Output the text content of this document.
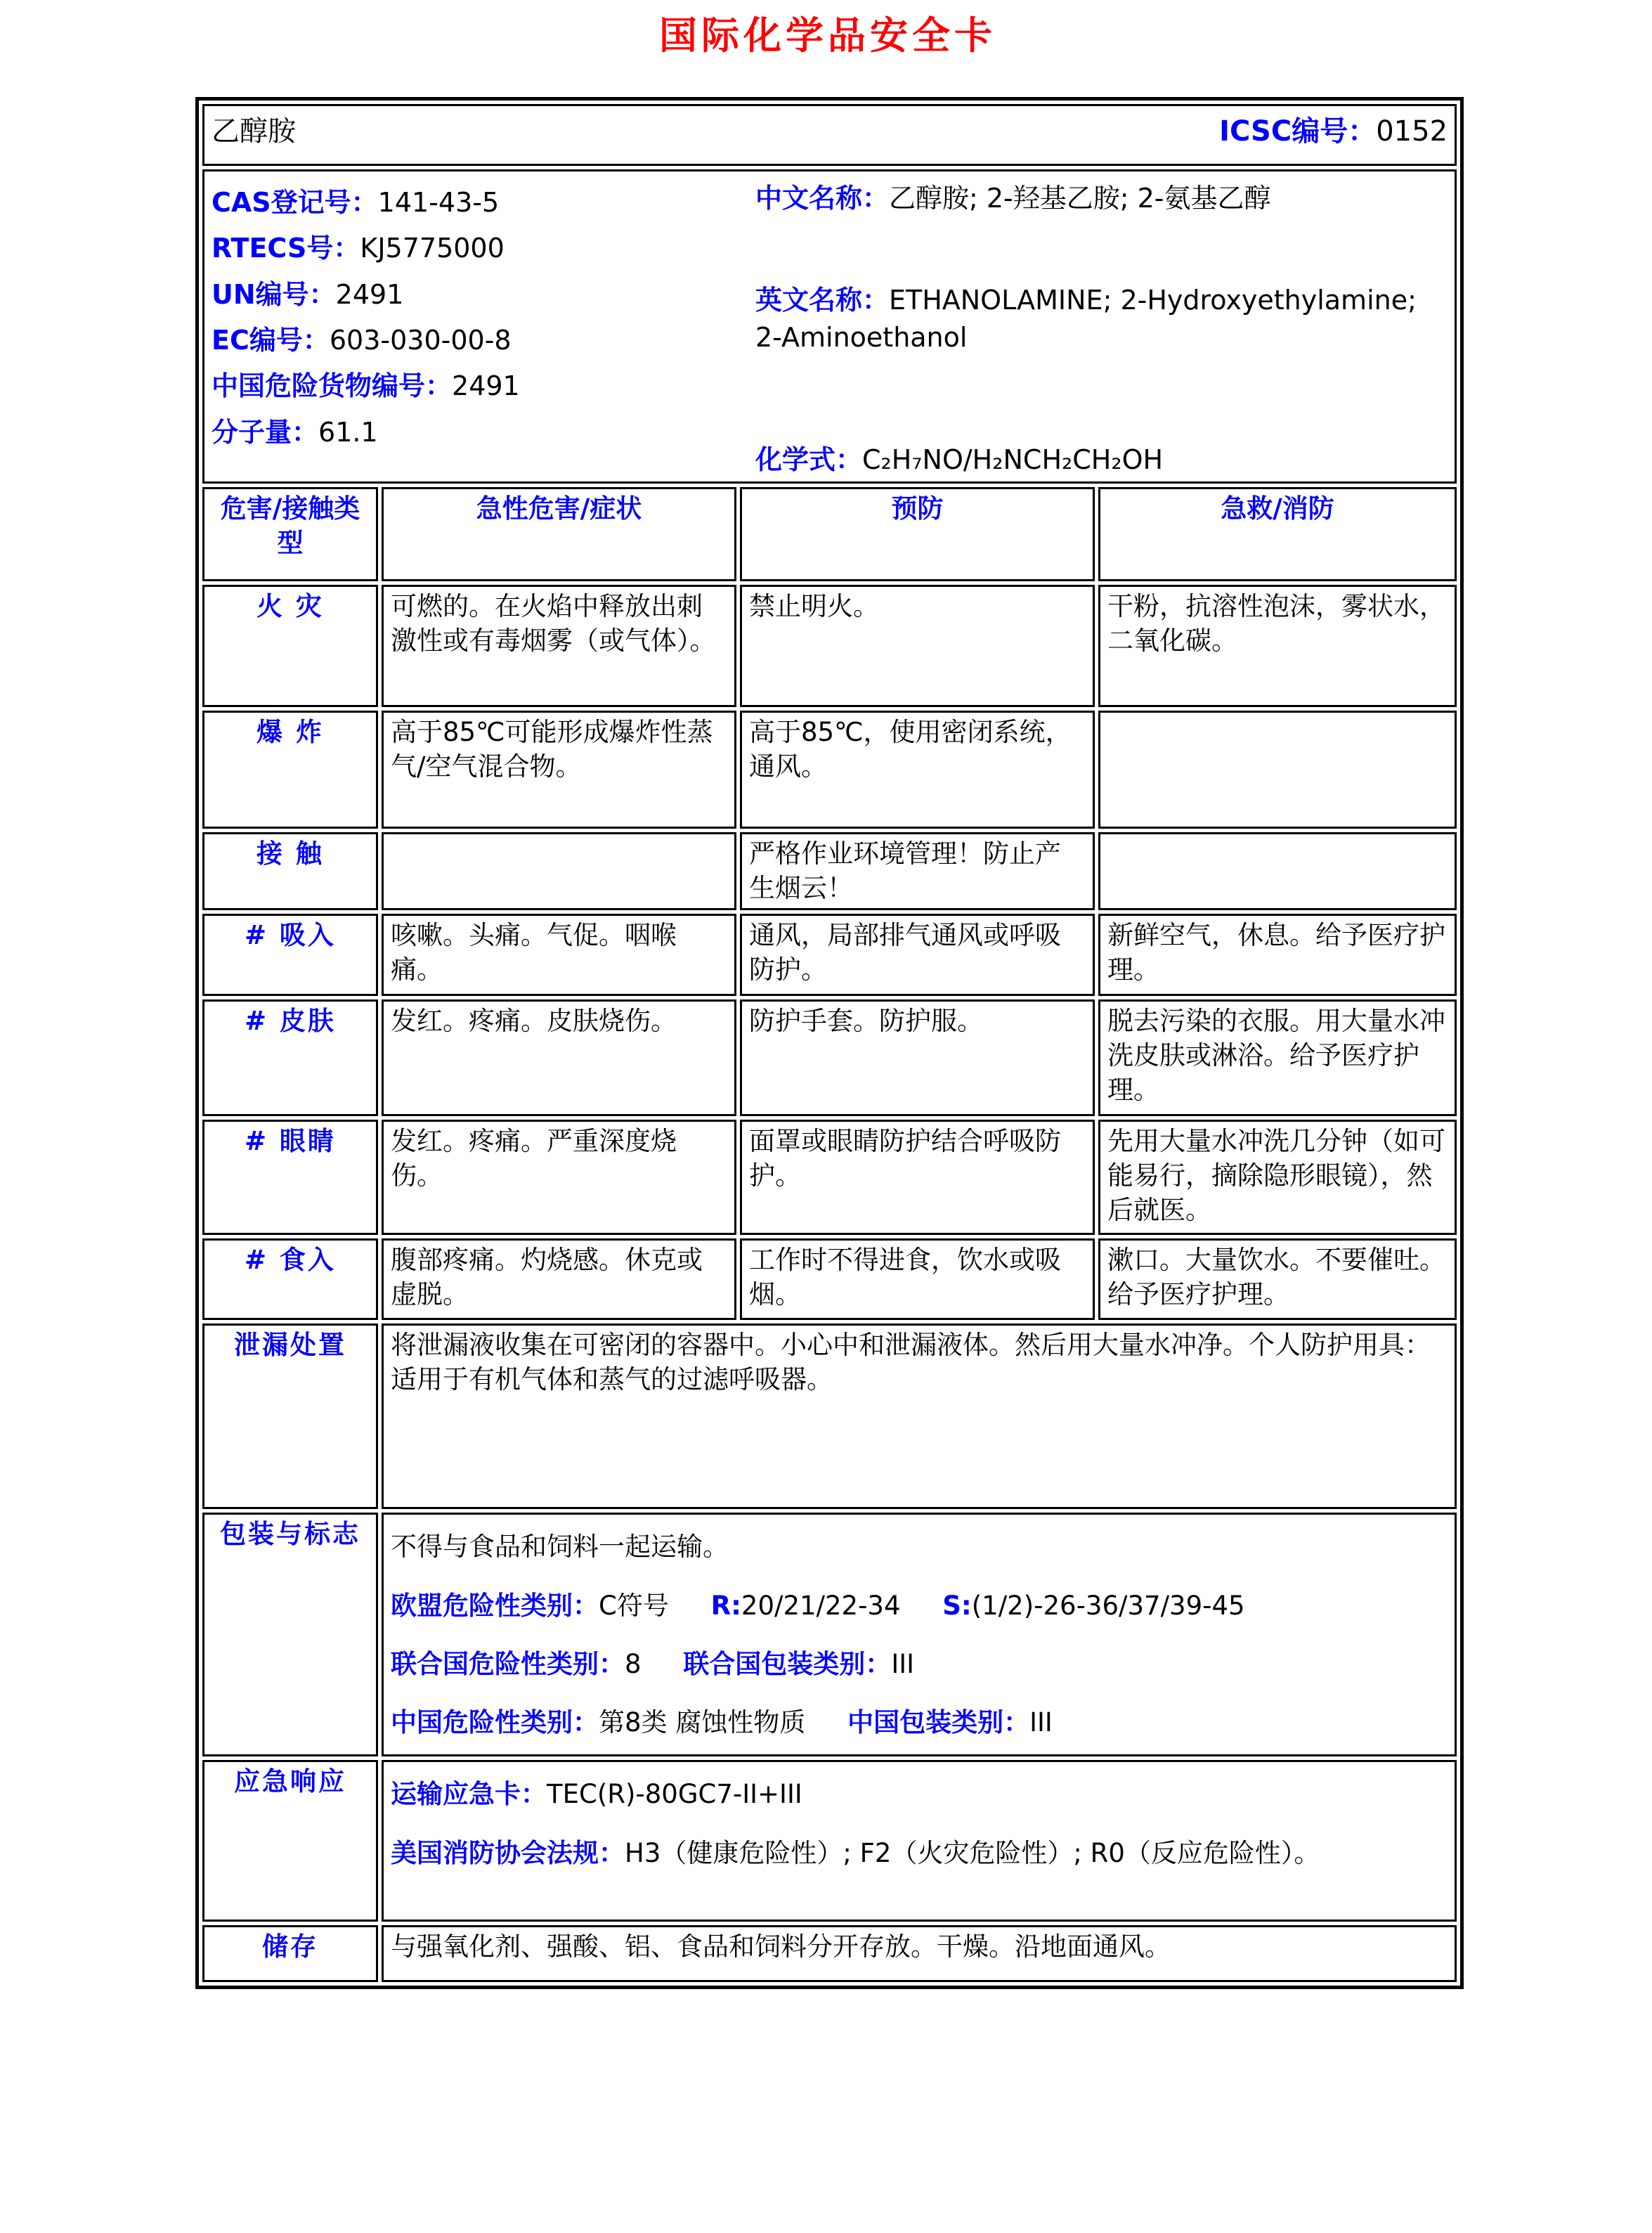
国际化学品安全卡
乙醇胺 ICSC编号：0152			

CAS登记号：141-43-5
RTECS号：KJ5775000
UN编号：2491
EC编号：603-030-00-8
中国危险货物编号：2491
分子量：61.1

中文名称：乙醇胺; 2-羟基乙胺; 2-氨基乙醇

英文名称：ETHANOLAMINE; 2-Hydroxyethylamine; 2-Aminoethanol

化学式：C₂H₇NO/H₂NCH₂CH₂OH

危害/接触类型	急性危害/症状	预防	急救/消防
火 灾	可燃的。在火焰中释放出刺激性或有毒烟雾（或气体）。	禁止明火。	干粉，抗溶性泡沫，雾状水，二氧化碳。
爆 炸	高于85℃可能形成爆炸性蒸气/空气混合物。	高于85℃，使用密闭系统，通风。	
接 触		严格作业环境管理！防止产生烟云！	
# 吸入	咳嗽。头痛。气促。咽喉痛。	通风，局部排气通风或呼吸防护。	新鲜空气，休息。给予医疗护理。
# 皮肤	发红。疼痛。皮肤烧伤。	防护手套。防护服。	脱去污染的衣服。用大量水冲洗皮肤或淋浴。给予医疗护理。
# 眼睛	发红。疼痛。严重深度烧伤。	面罩或眼睛防护结合呼吸防护。	先用大量水冲洗几分钟（如可能易行，摘除隐形眼镜），然后就医。
# 食入	腹部疼痛。灼烧感。休克或虚脱。	工作时不得进食，饮水或吸烟。	漱口。大量饮水。不要催吐。给予医疗护理。
泄漏处置	将泄漏液收集在可密闭的容器中。小心中和泄漏液体。然后用大量水冲净。个人防护用具：适用于有机气体和蒸气的过滤呼吸器。		
包装与标志	不得与食品和饲料一起运输。

欧盟危险性类别：C符号 R:20/21/22-34 S:(1/2)-26-36/37/39-45

联合国危险性类别：8 联合国包装类别：III

中国危险性类别：第8类 腐蚀性物质 中国包装类别：III		

应急响应	运输应急卡：TEC(R)-80GC7-II+III

美国消防协会法规：H3（健康危险性）; F2（火灾危险性）; R0（反应危险性）。		

储存	与强氧化剂、强酸、铝、食品和饲料分开存放。干燥。沿地面通风。		
